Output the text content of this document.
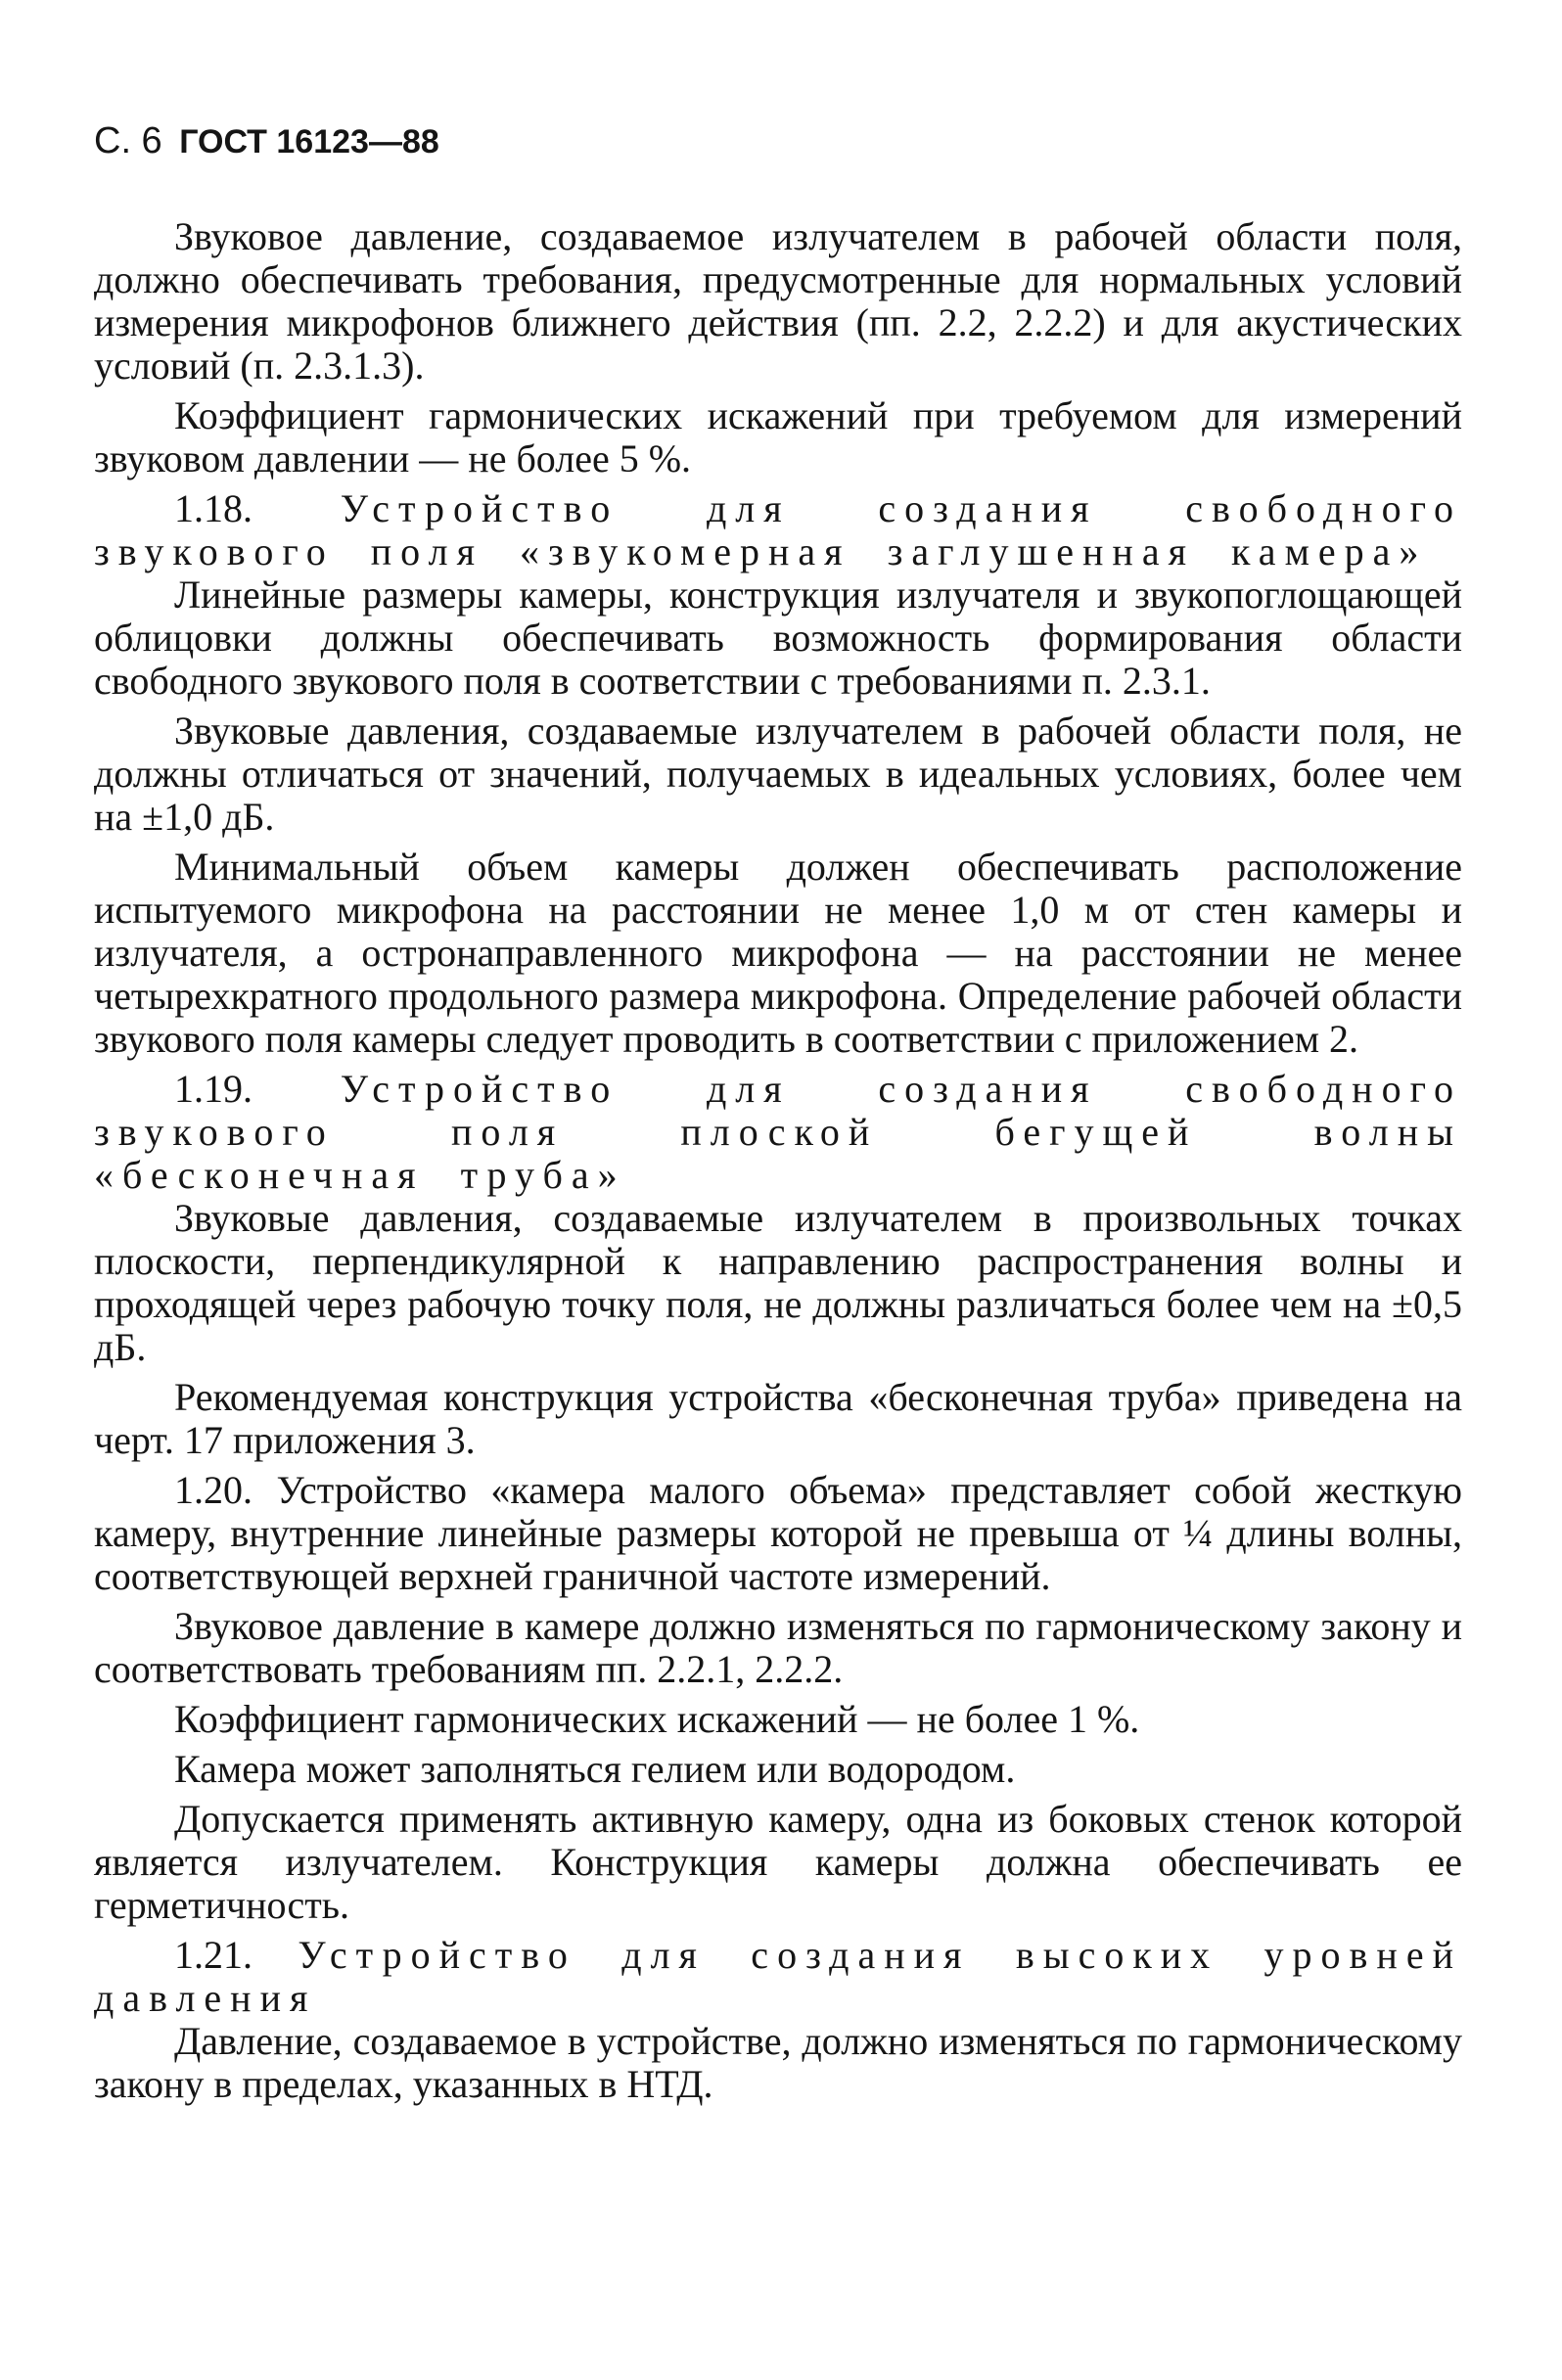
С. 6 ГОСТ 16123—88

Звуковое давление, создаваемое излучателем в рабочей области поля, должно обеспечивать требования, предусмотренные для нормальных условий измерения микрофонов ближнего действия (пп. 2.2, 2.2.2) и для акустических условий (п. 2.3.1.3).

Коэффициент гармонических искажений при требуемом для измерений звуковом давлении — не более 5 %.

1.18. Устройство для создания свободного звукового поля «звукомерная заглушенная камера»

Линейные размеры камеры, конструкция излучателя и звукопоглощающей облицовки должны обеспечивать возможность формирования области свободного звукового поля в соответствии с требованиями п. 2.3.1.

Звуковые давления, создаваемые излучателем в рабочей области поля, не должны отличаться от значений, получаемых в идеальных условиях, более чем на ±1,0 дБ.

Минимальный объем камеры должен обеспечивать расположение испытуемого микрофона на расстоянии не менее 1,0 м от стен камеры и излучателя, а остронаправленного микрофона — на расстоянии не менее четырехкратного продольного размера микрофона. Определение рабочей области звукового поля камеры следует проводить в соответствии с приложением 2.

1.19. Устройство для создания свободного звукового поля плоской бегущей волны «бесконечная труба»

Звуковые давления, создаваемые излучателем в произвольных точках плоскости, перпендикулярной к направлению распространения волны и проходящей через рабочую точку поля, не должны различаться более чем на ±0,5 дБ.

Рекомендуемая конструкция устройства «бесконечная труба» приведена на черт. 17 приложения 3.

1.20. Устройство «камера малого объема» представляет собой жесткую камеру, внутренние линейные размеры которой не превыша от ¼ длины волны, соответствующей верхней граничной частоте измерений.

Звуковое давление в камере должно изменяться по гармоническому закону и соответствовать требованиям пп. 2.2.1, 2.2.2.

Коэффициент гармонических искажений — не более 1 %.

Камера может заполняться гелием или водородом.

Допускается применять активную камеру, одна из боковых стенок которой является излучателем. Конструкция камеры должна обеспечивать ее герметичность.

1.21. Устройство для создания высоких уровней давления

Давление, создаваемое в устройстве, должно изменяться по гармоническому закону в пределах, указанных в НТД.
